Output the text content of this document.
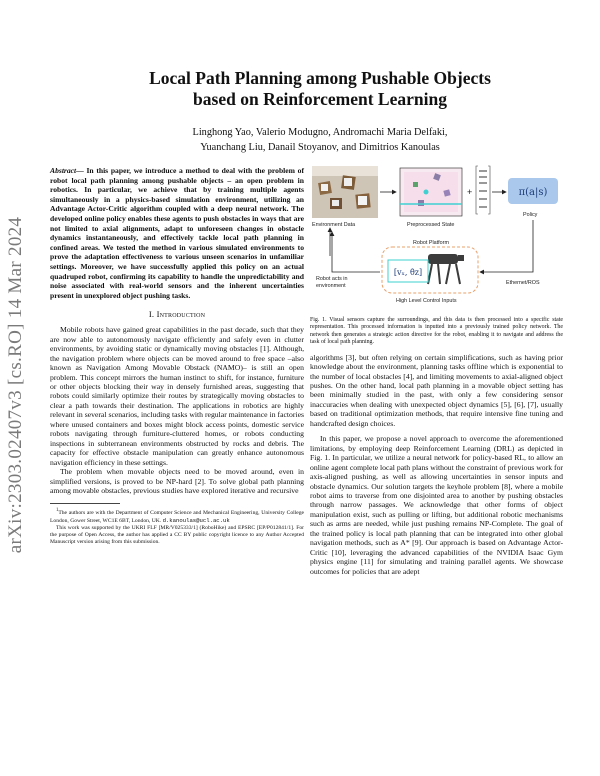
arXiv:2303.02407v3 [cs.RO] 14 Mar 2024
Local Path Planning among Pushable Objects
based on Reinforcement Learning
Linghong Yao, Valerio Modugno, Andromachi Maria Delfaki,
Yuanchang Liu, Danail Stoyanov, and Dimitrios Kanoulas

Abstract— In this paper, we introduce a method to deal with the problem of robot local path planning among pushable objects – an open problem in robotics. In particular, we achieve that by training multiple agents simultaneously in a physics-based simulation environment, utilizing an Advantage Actor-Critic algorithm coupled with a deep neural network. The developed online policy enables these agents to push obstacles in ways that are not limited to axial alignments, adapt to unforeseen changes in obstacle dynamics instantaneously, and effectively tackle local path planning in confined areas. We tested the method in various simulated environments to prove the adaptation effectiveness to various unseen scenarios in unfamiliar settings. Moreover, we have successfully applied this policy on an actual quadruped robot, confirming its capability to handle the unpredictability and noise associated with real-world sensors and the inherent uncertainties present in unexplored object pushing tasks.

I. Introduction

Mobile robots have gained great capabilities in the past decade, such that they are now able to autonomously navigate efficiently and safely even in clutter environments, by avoiding static or dynamically moving obstacles [1]. Although, the navigation problem where objects can be moved around to free space –also known as Navigation Among Movable Obstack (NAMO)– is still an open problem. This concept mirrors the human instinct to shift, for instance, furniture or other objects blocking their way in densely furnished areas, suggesting that robots could similarly optimize their routes by strategically moving obstacles to clear a path towards their destination. The applications in robotics are highly relevant in several scenarios, including tasks with regular maintenance in factories where unused containers and boxes might block access points, domestic service robots navigating through furniture-cluttered homes, or robots conducting inspections in subterranean environments obstructed by rocks and debris. The capacity for effective obstacle manipulation can greatly enhance autonomous navigation efficiency in these settings.

The problem when movable objects need to be moved around, even in simplified versions, is proved to be NP-hard [2]. To solve global path planning among movable obstacles, previous studies have explored iterative and recursive

$^1$The authors are with the Department of Computer Science and Mechanical Engineering, University College London, Gower Street, WC1E 6BT, London, UK. d.kanoulas@ucl.ac.uk

This work was supported by the UKRI FLF [MR/V025333/1] (RoboHike) and EPSRC [EP/P012841/1]. For the purpose of Open Access, the author has applied a CC BY public copyright licence to any Author Accepted Manuscript version arising from this submission.

Environment Data	Preprocessed State
+	π(a|s)
Policy
Robot Platform
[vₓ, θ̇z]
High Level Control Inputs
Robot acts in
environment	Ethernet/ROS

Fig. 1. Visual sensors capture the surroundings, and this data is then processed into a specific state representation. This processed information is inputted into a previously trained policy network. The network then generates a strategic action directive for the robot, enabling it to navigate and address the task of local path planning.

algorithms [3], but often relying on certain simplifications, such as having prior knowledge about the environment, planning tasks offline which is exponential to the number of local obstacles [4], and limiting movements to axial-aligned object pushes. On the other hand, local path planning in a movable object setting has been minimally studied in the past, with only a few considering sensor inaccuracies when dealing with unexpected object dynamics [5], [6], [7], usually based on traditional optimization methods, that require intensive fine tuning and handcrafted design choices.

In this paper, we propose a novel approach to overcome the aforementioned limitations, by employing deep Reinforcement Learning (DRL) as depicted in Fig. 1. In particular, we utilize a neural network for policy-based RL, to allow an online agent complete local path plans without the constraint of previous work for axis-aligned pushing, as well as allowing uncertainties in sensor inputs and obstacle dynamics. Our solution targets the keyhole problem [8], where a mobile robot aims to traverse from one disjointed area to another by pushing obstacles through narrow passages. We acknowledge that other forms of object manipulation exist, such as pulling or lifting, but additional robotic mechanisms such as arms are needed, while just pushing remains NP-Complete. The goal of the trained policy is local path planning that can be integrated into other global navigation methods, such as A* [9]. Our approach is based on Advantage Actor-Critic [10], leveraging the advanced capabilities of the NVIDIA Isaac Gym physics engine [11] for simulating and training parallel agents. We showcase outcomes for policies that are adept
